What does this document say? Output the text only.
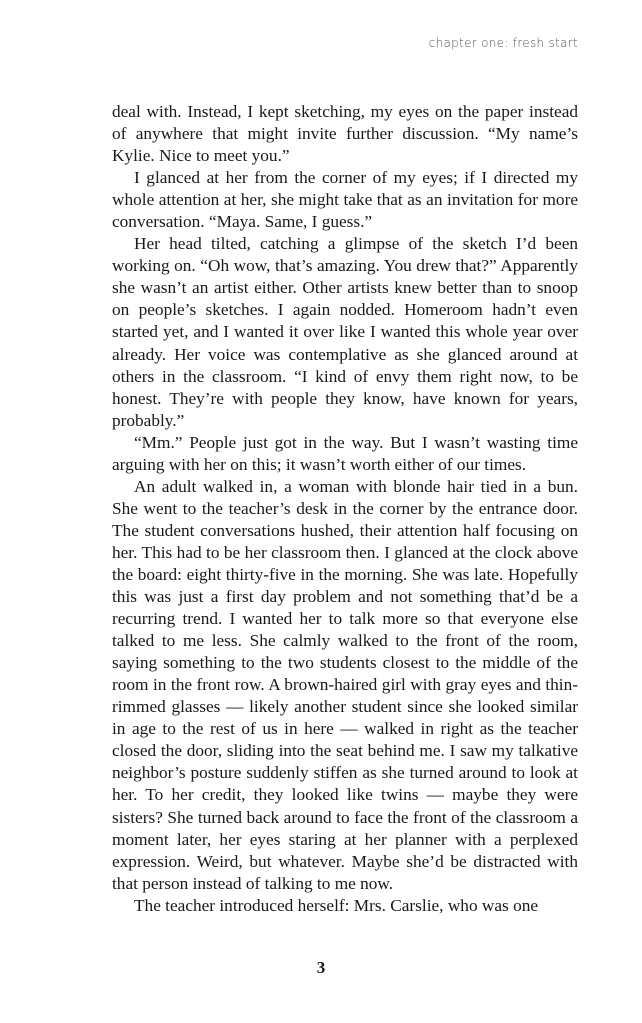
chapter one: fresh start

deal with. Instead, I kept sketching, my eyes on the paper instead of anywhere that might invite further discussion. “My name’s Kylie. Nice to meet you.”

I glanced at her from the corner of my eyes; if I directed my whole attention at her, she might take that as an invitation for more conversation. “Maya. Same, I guess.”

Her head tilted, catching a glimpse of the sketch I’d been working on. “Oh wow, that’s amazing. You drew that?” Apparently she wasn’t an artist either. Other artists knew better than to snoop on people’s sketches. I again nodded. Homeroom hadn’t even started yet, and I wanted it over like I wanted this whole year over already. Her voice was contemplative as she glanced around at others in the classroom. “I kind of envy them right now, to be honest. They’re with people they know, have known for years, probably.”

“Mm.” People just got in the way. But I wasn’t wasting time arguing with her on this; it wasn’t worth either of our times.

An adult walked in, a woman with blonde hair tied in a bun. She went to the teacher’s desk in the corner by the entrance door. The student conversations hushed, their attention half focusing on her. This had to be her classroom then. I glanced at the clock above the board: eight thirty-five in the morning. She was late. Hopefully this was just a first day problem and not something that’d be a recurring trend. I wanted her to talk more so that everyone else talked to me less. She calmly walked to the front of the room, saying something to the two students closest to the middle of the room in the front row. A brown-haired girl with gray eyes and thin-rimmed glasses — likely another student since she looked similar in age to the rest of us in here — walked in right as the teacher closed the door, sliding into the seat behind me. I saw my talkative neighbor’s posture suddenly stiffen as she turned around to look at her. To her credit, they looked like twins — maybe they were sisters? She turned back around to face the front of the classroom a moment later, her eyes staring at her planner with a perplexed expression. Weird, but whatever. Maybe she’d be distracted with that person instead of talking to me now.

The teacher introduced herself: Mrs. Carslie, who was one

3
